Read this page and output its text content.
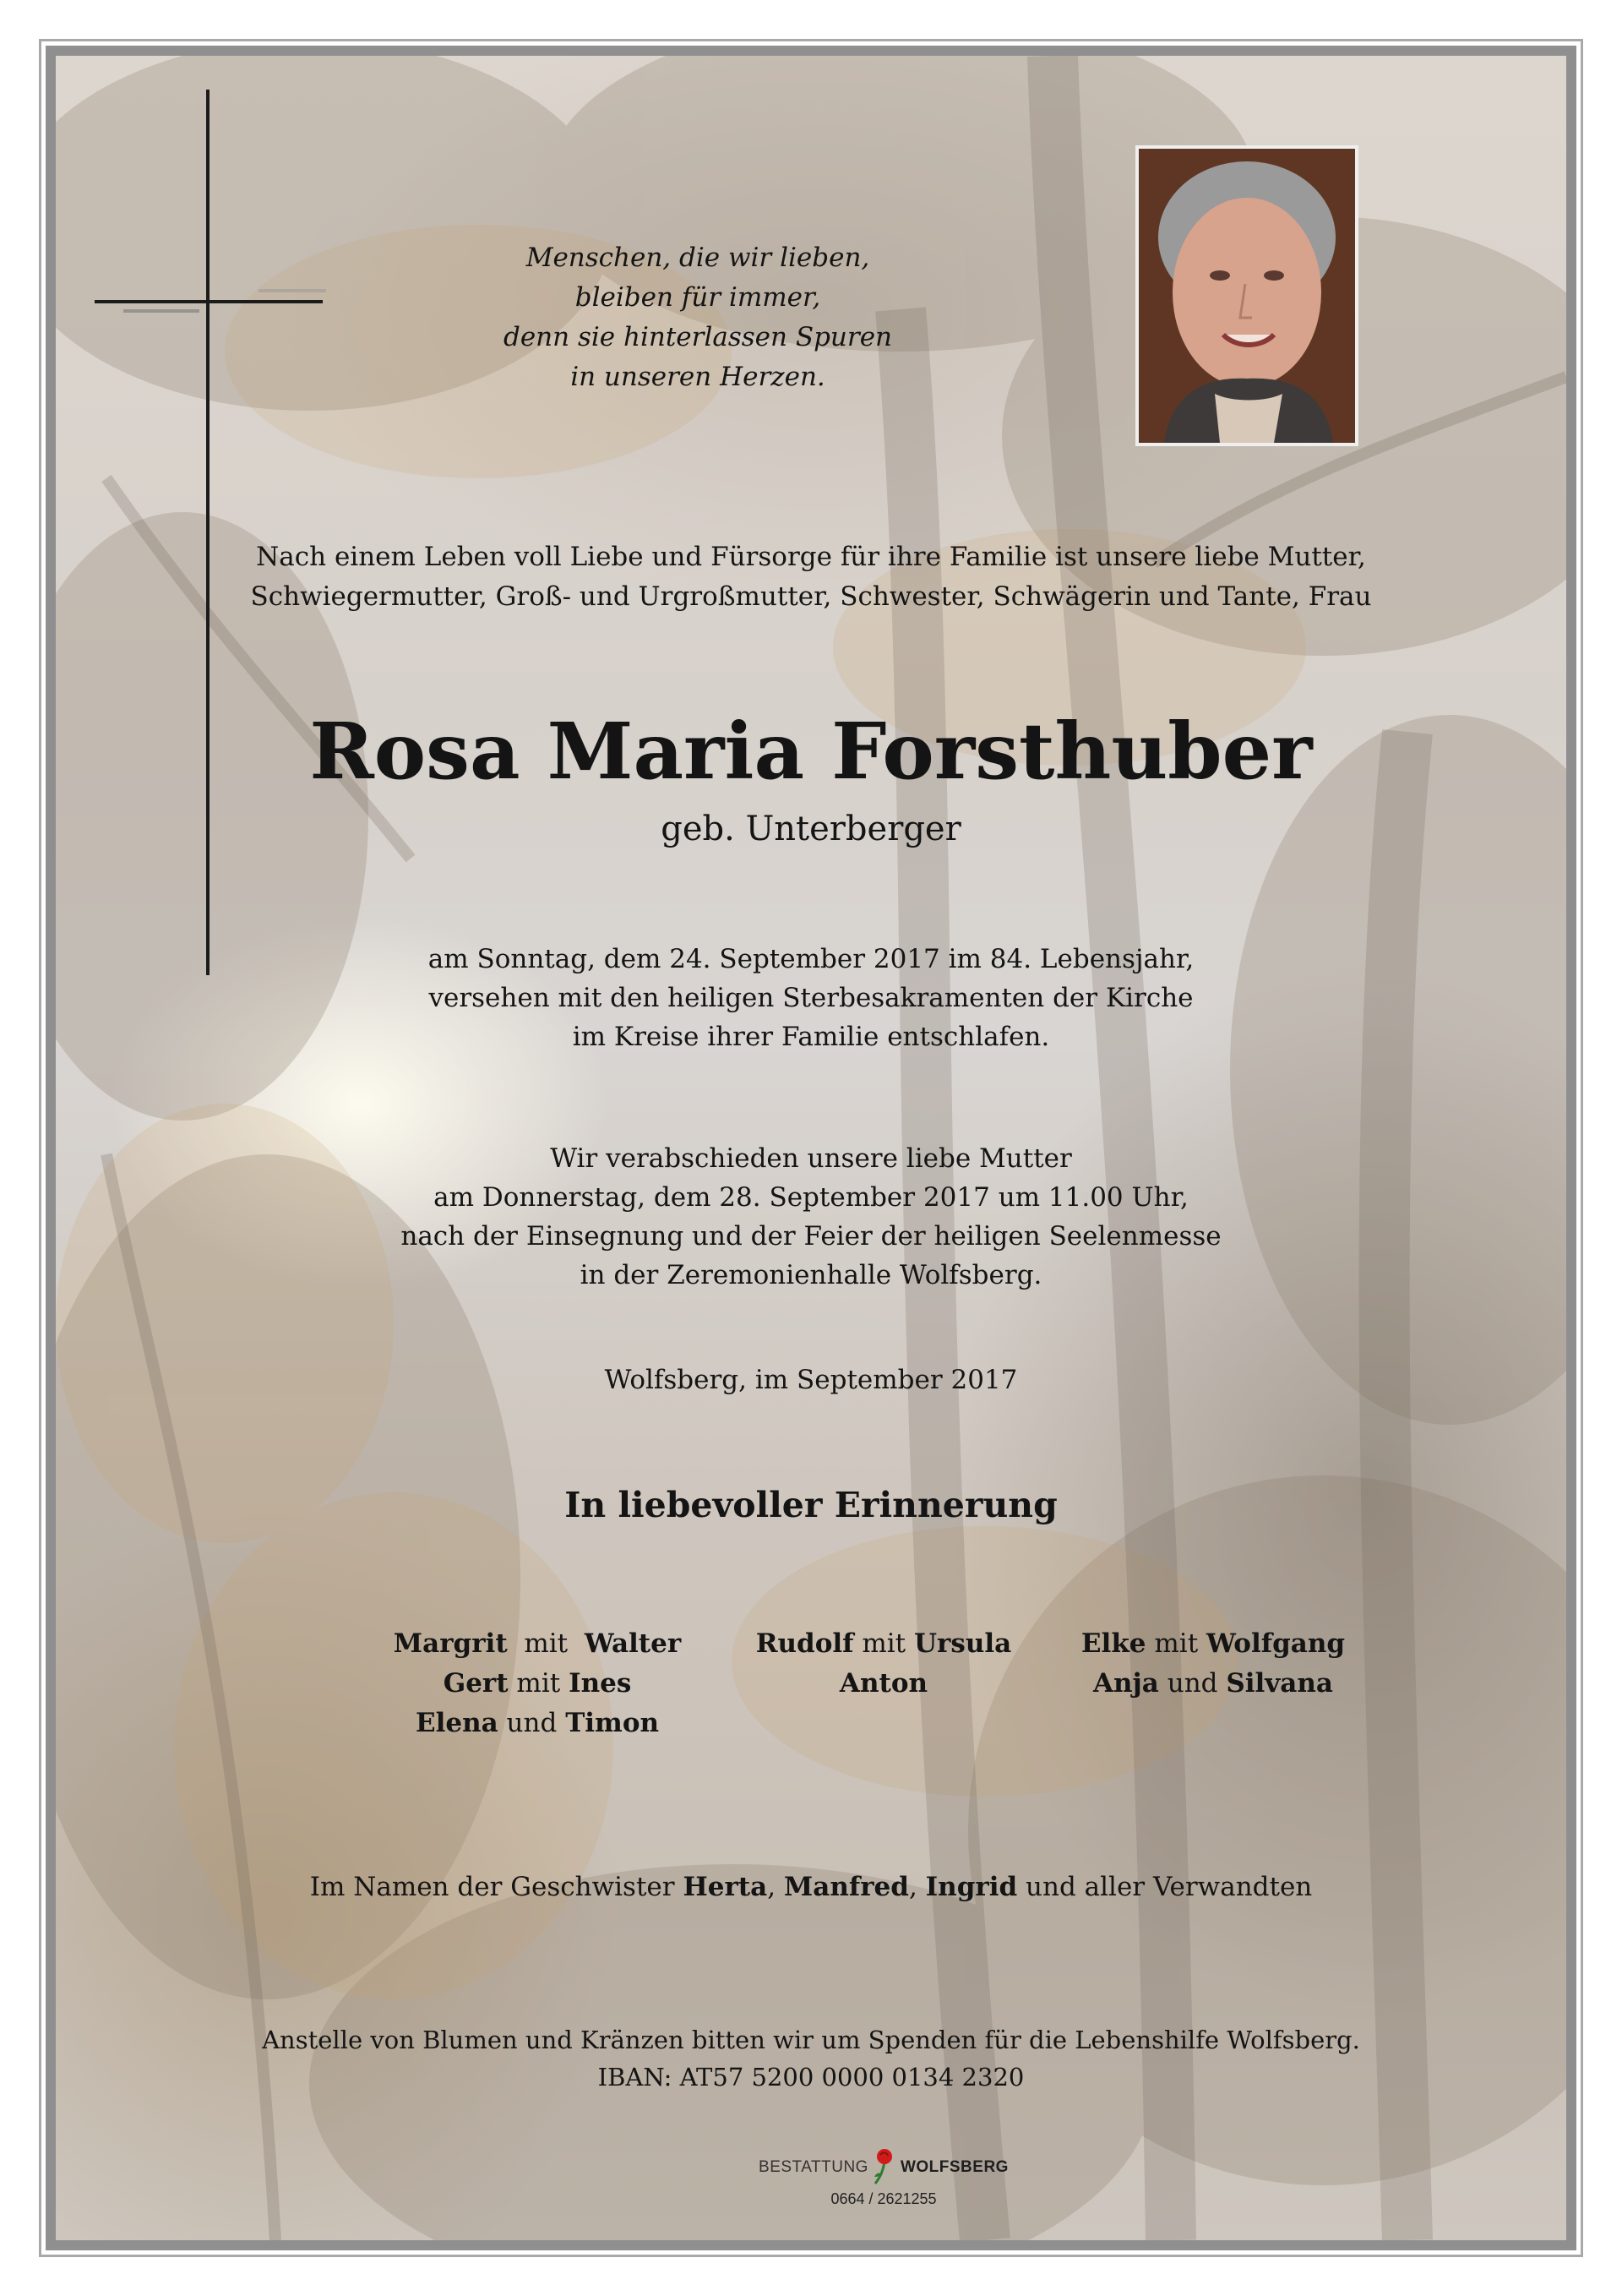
Menschen, die wir lieben,
bleiben für immer,
denn sie hinterlassen Spuren
in unseren Herzen.
Nach einem Leben voll Liebe und Fürsorge für ihre Familie ist unsere liebe Mutter,
Schwiegermutter, Groß- und Urgroßmutter, Schwester, Schwägerin und Tante, Frau
Rosa Maria Forsthuber
geb. Unterberger
am Sonntag, dem 24. September 2017 im 84. Lebensjahr,
versehen mit den heiligen Sterbesakramenten der Kirche
im Kreise ihrer Familie entschlafen.
Wir verabschieden unsere liebe Mutter
am Donnerstag, dem 28. September 2017 um 11.00 Uhr,
nach der Einsegnung und der Feier der heiligen Seelenmesse
in der Zeremonienhalle Wolfsberg.
Wolfsberg, im September 2017
In liebevoller Erinnerung
Margrit  mit  Walter
Gert mit Ines
Elena und Timon
Rudolf mit Ursula
Anton
Elke mit Wolfgang
Anja und Silvana
Im Namen der Geschwister Herta, Manfred, Ingrid und aller Verwandten
Anstelle von Blumen und Kränzen bitten wir um Spenden für die Lebenshilfe Wolfsberg.
IBAN: AT57 5200 0000 0134 2320
BESTATTUNG WOLFSBERG
0664 / 2621255
